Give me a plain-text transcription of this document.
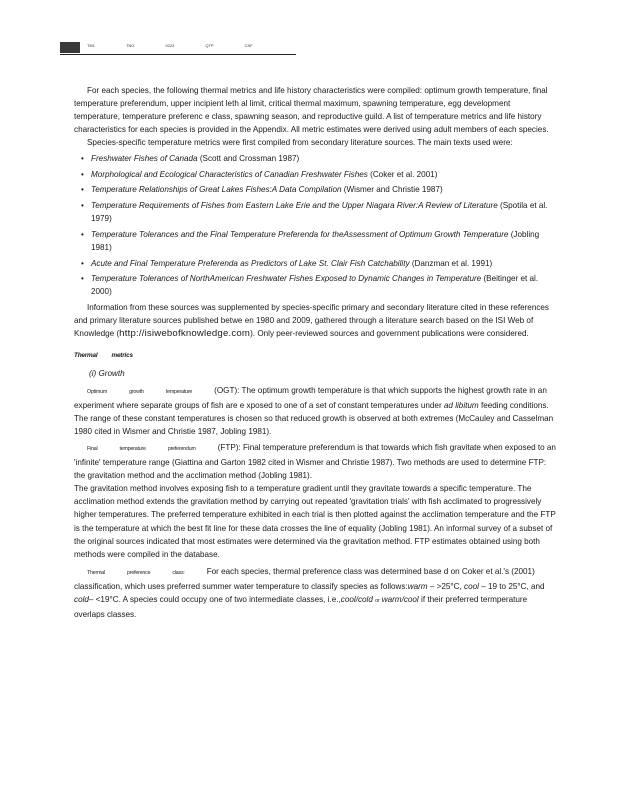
TM1	TNG	0223	QTP	CSF

For each species, the following thermal metrics and life history characteristics were compiled: optimum growth temperature, final temperature preferendum, upper incipient leth al limit, critical thermal maximum, spawning temperature, egg development temperature, temperature preferenc e class, spawning season, and reproductive guild. A list of temperature metrics and life history characteristics for each species is provided in the Appendix. All metric estimates were derived using adult members of each species.

Species-specific temperature metrics were first compiled from secondary literature sources. The main texts used were:

• Freshwater Fishes of Canada (Scott and Crossman 1987)
• Morphological and Ecological Characteristics of Canadian Freshwater Fishes (Coker et al. 2001)
• Temperature Relationships of Great Lakes Fishes:A Data Compilation (Wismer and Christie 1987)
• Temperature Requirements of Fishes from Eastern Lake Erie and the Upper Niagara River:A Review of Literature (Spotila et al. 1979)
• Temperature Tolerances and the Final Temperature Preferenda for theAssessment of Optimum Growth Temperature (Jobling 1981)
• Acute and Final Temperature Preferenda as Predictors of Lake St. Clair Fish Catchability (Danzman et al. 1991)
• Temperature Tolerances of NorthAmerican Freshwater Fishes Exposed to Dynamic Changes in Temperature (Beitinger et al. 2000)

Information from these sources was supplemented by species-specific primary and secondary literature cited in these references and primary literature sources published betwe en 1980 and 2009, gathered through a literature search based on the ISI Web of Knowledge (http://isiwebofknowledge.com). Only peer-reviewed sources and government publications were considered.

Thermal metrics
(i) Growth

Optimum	growth	temperature	(OGT): The optimum growth temperature is that which supports the highest growth rate in an experiment where separate groups of fish are e xposed to one of a set of constant temperatures under ad libitum feeding conditions. The range of these constant temperatures is chosen so that reduced growth is observed at both extremes (McCauley and Casselman 1980 cited in Wismer and Christie 1987, Jobling 1981).

Final	temperature	preferendum	(FTP): Final temperature preferendum is that towards which fish gravitate when exposed to an 'infinite' temperature range (Giattina and Garton 1982 cited in Wismer and Christie 1987). Two methods are used to determine FTP: the gravitation method and the acclimation method (Jobling 1981).

The gravitation method involves exposing fish to a temperature gradient until they gravitate towards a specific temperature. The acclimation method extends the gravitation method by carrying out repeated 'gravitation trials' with fish acclimated to progressively higher temperatures. The preferred temperature exhibited in each trial is then plotted against the acclimation temperature and the FTP is the temperature at which the best fit line for these data crosses the line of equality (Jobling 1981). An informal survey of a subset of the original sources indicated that most estimates were determined via the gravitation method. FTP estimates obtained using both methods were compiled in the database.

Thermal	preference	class:	For each species, thermal preference class was determined base d on Coker et al.'s (2001) classification, which uses preferred summer water temperature to classify species as follows:warm – >25°C, cool – 19 to 25°C, and cold– <19°C. A species could occupy one of two intermediate classes, i.e.,cool/cold or warm/cool if their preferred termperature overlaps classes.
